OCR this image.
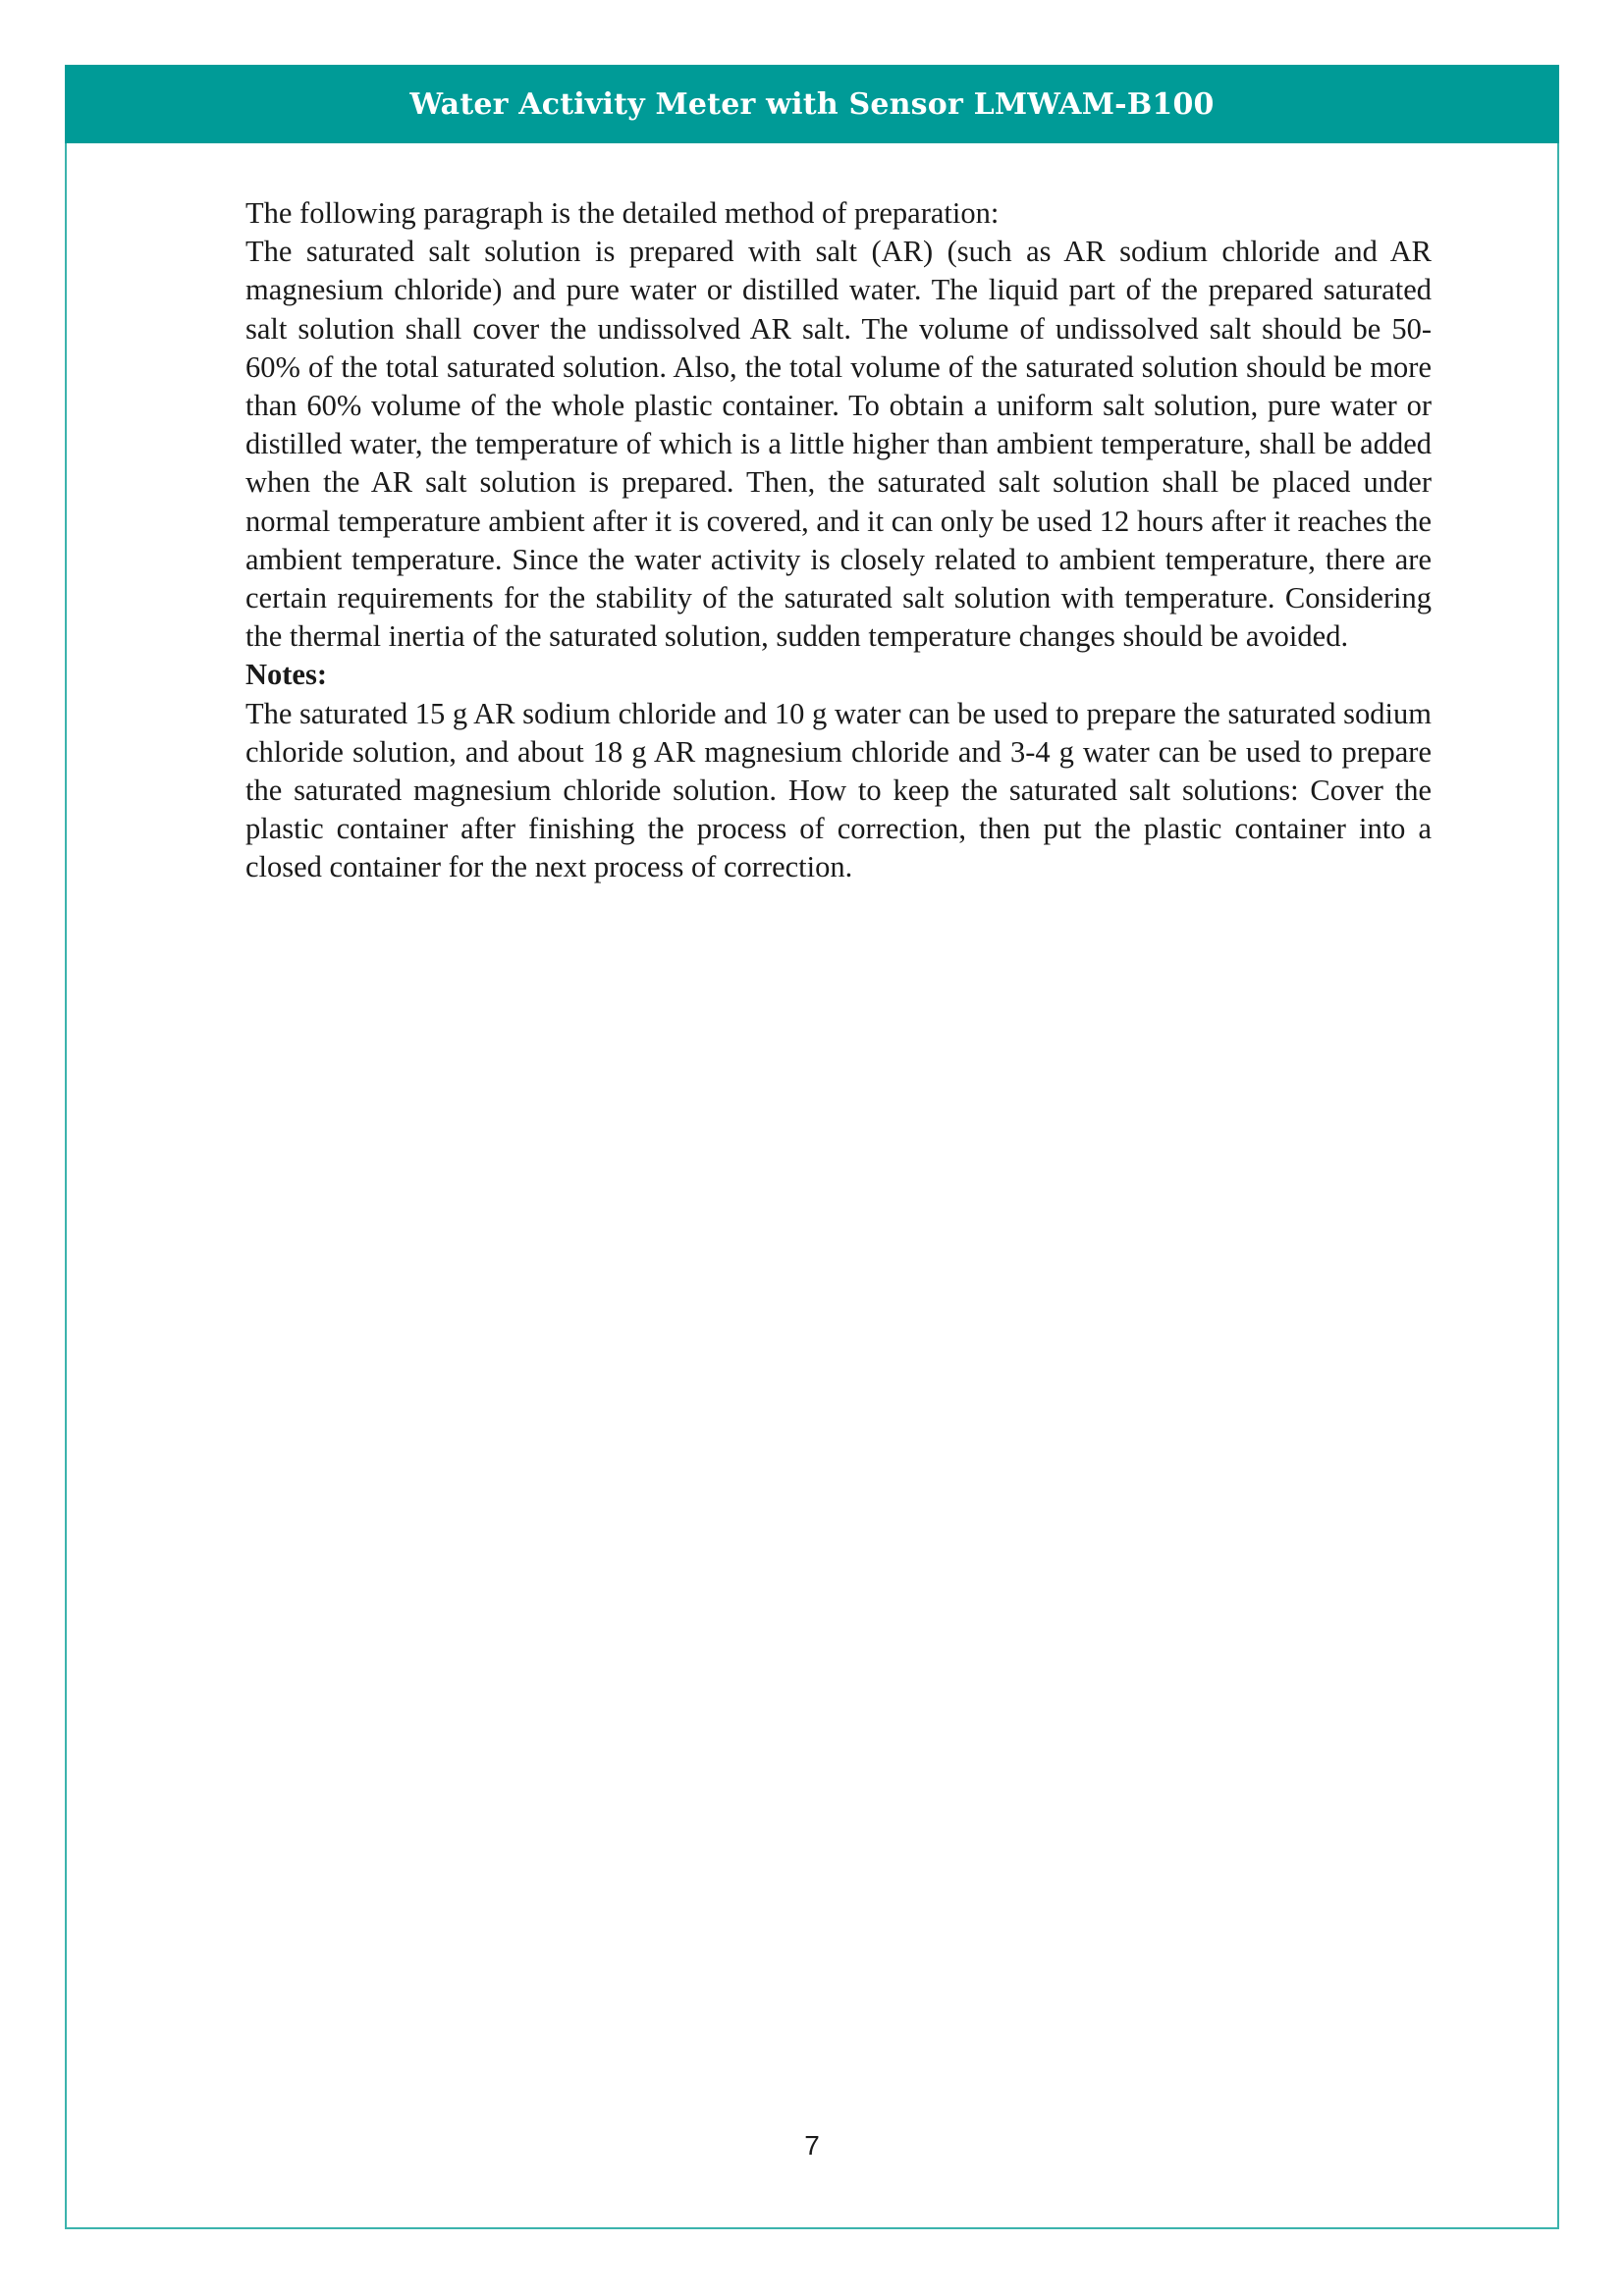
Water Activity Meter with Sensor LMWAM-B100

The following paragraph is the detailed method of preparation:

The saturated salt solution is prepared with salt (AR) (such as AR sodium chloride and AR magnesium chloride) and pure water or distilled water. The liquid part of the prepared saturated salt solution shall cover the undissolved AR salt. The volume of undissolved salt should be 50-60% of the total saturated solution. Also, the total volume of the saturated solution should be more than 60% volume of the whole plastic container. To obtain a uniform salt solution, pure water or distilled water, the temperature of which is a little higher than ambient temperature, shall be added when the AR salt solution is prepared. Then, the saturated salt solution shall be placed under normal temperature ambient after it is covered, and it can only be used 12 hours after it reaches the ambient temperature. Since the water activity is closely related to ambient temperature, there are certain requirements for the stability of the saturated salt solution with temperature. Considering the thermal inertia of the saturated solution, sudden temperature changes should be avoided.

Notes:

The saturated 15 g AR sodium chloride and 10 g water can be used to prepare the saturated sodium chloride solution, and about 18 g AR magnesium chloride and 3-4 g water can be used to prepare the saturated magnesium chloride solution. How to keep the saturated salt solutions: Cover the plastic container after finishing the process of correction, then put the plastic container into a closed container for the next process of correction.

7
